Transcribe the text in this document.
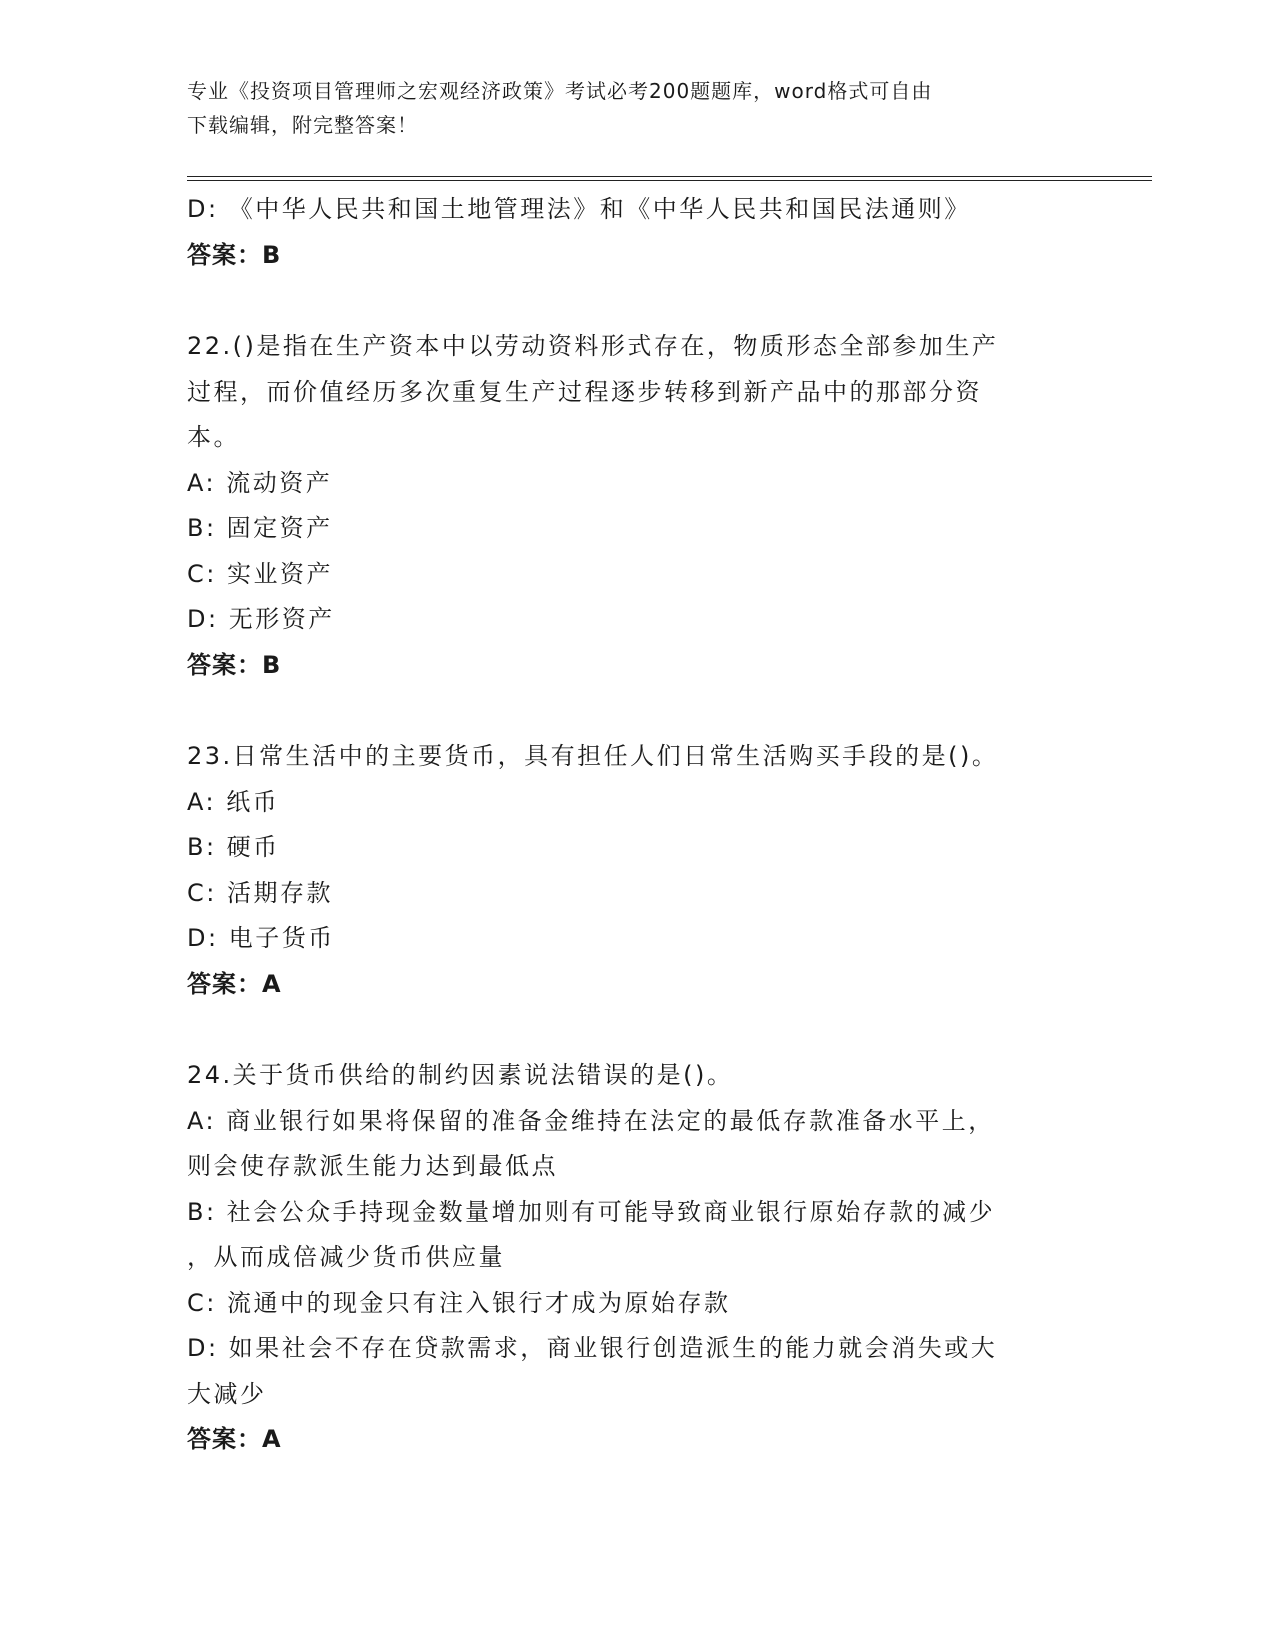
专业《投资项目管理师之宏观经济政策》考试必考200题题库，word格式可自由
下载编辑，附完整答案！
D: 《中华人民共和国土地管理法》和《中华人民共和国民法通则》
答案：B
22.()是指在生产资本中以劳动资料形式存在，物质形态全部参加生产
过程，而价值经历多次重复生产过程逐步转移到新产品中的那部分资
本。
A: 流动资产
B: 固定资产
C: 实业资产
D: 无形资产
答案：B
23.日常生活中的主要货币，具有担任人们日常生活购买手段的是()。
A: 纸币
B: 硬币
C: 活期存款
D: 电子货币
答案：A
24.关于货币供给的制约因素说法错误的是()。
A: 商业银行如果将保留的准备金维持在法定的最低存款准备水平上，
则会使存款派生能力达到最低点
B: 社会公众手持现金数量增加则有可能导致商业银行原始存款的减少
，从而成倍减少货币供应量
C: 流通中的现金只有注入银行才成为原始存款
D: 如果社会不存在贷款需求，商业银行创造派生的能力就会消失或大
大减少
答案：A
